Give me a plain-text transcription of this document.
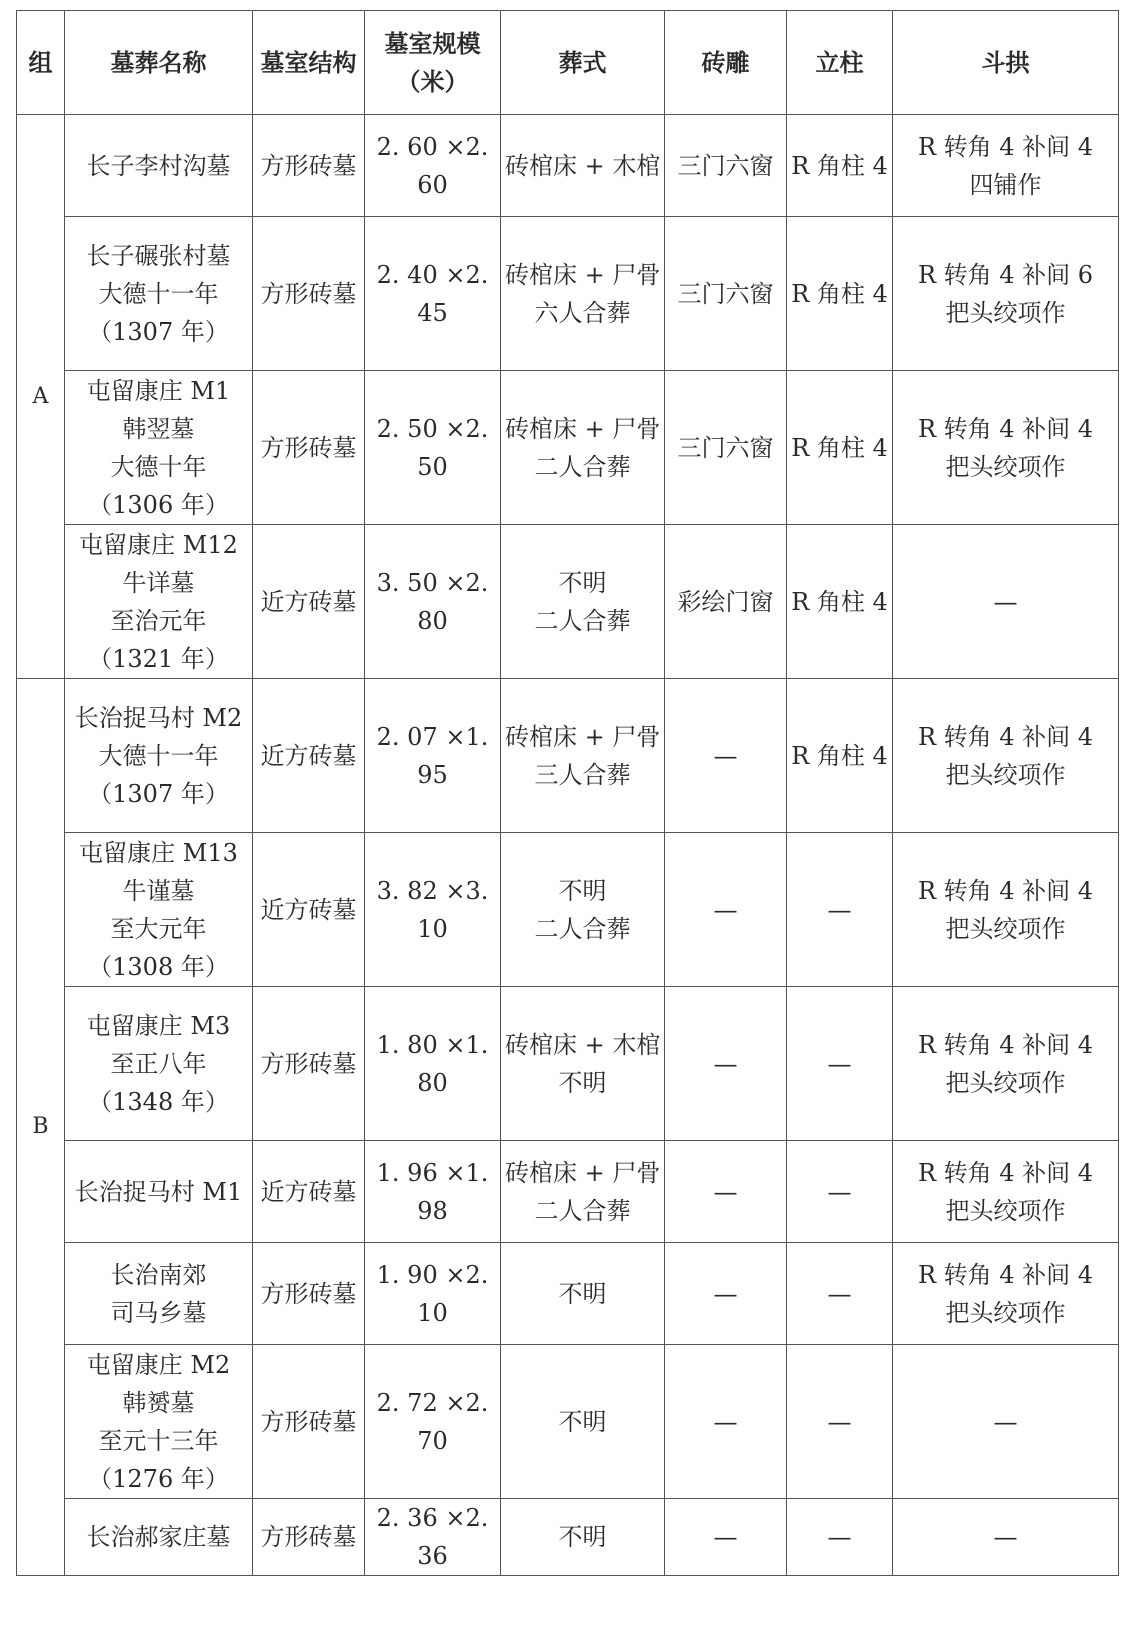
组	墓葬名称	墓室结构	墓室规模（米）	葬式	砖雕	立柱	斗拱
A	长子李村沟墓	方形砖墓	2. 60 ×2. 60	砖棺床 + 木棺	三门六窗	R 角柱 4	R 转角 4 补间 4
四铺作

	长子碾张村墓
大德十一年
（1307 年）	方形砖墓	2. 40 ×2. 45	砖棺床 + 尸骨
六人合葬	三门六窗	R 角柱 4	R 转角 4 补间 6
把头绞项作

	屯留康庄 M1
韩翌墓
大德十年
（1306 年）	方形砖墓	2. 50 ×2. 50	砖棺床 + 尸骨
二人合葬	三门六窗	R 角柱 4	R 转角 4 补间 4
把头绞项作

	屯留康庄 M12
牛详墓
至治元年
（1321 年）	近方砖墓	3. 50 ×2. 80	不明
二人合葬	彩绘门窗	R 角柱 4	—

B	长治捉马村 M2
大德十一年
（1307 年）	近方砖墓	2. 07 ×1. 95	砖棺床 + 尸骨
三人合葬	—	R 角柱 4	R 转角 4 补间 4
把头绞项作

	屯留康庄 M13
牛谨墓
至大元年
（1308 年）	近方砖墓	3. 82 ×3. 10	不明
二人合葬	—	—	R 转角 4 补间 4
把头绞项作

	屯留康庄 M3
至正八年
（1348 年）	方形砖墓	1. 80 ×1. 80	砖棺床 + 木棺
不明	—	—	R 转角 4 补间 4
把头绞项作

	长治捉马村 M1	近方砖墓	1. 96 ×1. 98	砖棺床 + 尸骨
二人合葬	—	—	R 转角 4 补间 4
把头绞项作

	长治南郊
司马乡墓	方形砖墓	1. 90 ×2. 10	不明	—	—	R 转角 4 补间 4
把头绞项作

	屯留康庄 M2
韩赟墓
至元十三年
（1276 年）	方形砖墓	2. 72 ×2. 70	不明	—	—	—

	长治郝家庄墓	方形砖墓	2. 36 ×2. 36	不明	—	—	—
